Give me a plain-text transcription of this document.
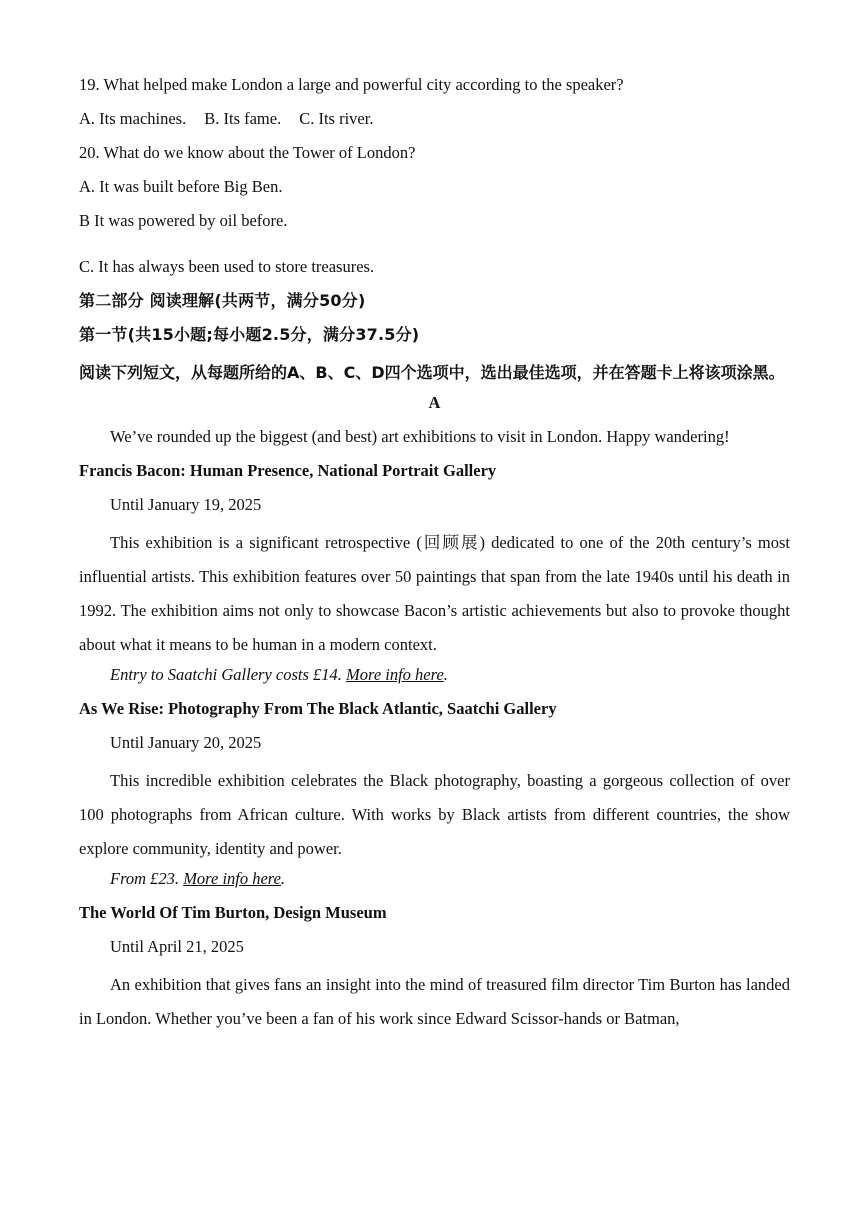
19. What helped make London a large and powerful city according to the speaker?

A. Its machines. B. Its fame. C. Its river.

20. What do we know about the Tower of London?

A. It was built before Big Ben.

B It was powered by oil before.

C. It has always been used to store treasures.

第二部分 阅读理解(共两节，满分50分)

第一节(共15小题;每小题2.5分，满分37.5分)

阅读下列短文，从每题所给的A、B、C、D四个选项中，选出最佳选项，并在答题卡上将该项涂黑。

A

We’ve rounded up the biggest (and best) art exhibitions to visit in London. Happy wandering!

Francis Bacon: Human Presence, National Portrait Gallery

Until January 19, 2025

This exhibition is a significant retrospective (回顾展) dedicated to one of the 20th century’s most influential artists. This exhibition features over 50 paintings that span from the late 1940s until his death in 1992. The exhibition aims not only to showcase Bacon’s artistic achievements but also to provoke thought about what it means to be human in a modern context.

Entry to Saatchi Gallery costs £14. More info here.

As We Rise: Photography From The Black Atlantic, Saatchi Gallery

Until January 20, 2025

This incredible exhibition celebrates the Black photography, boasting a gorgeous collection of over 100 photographs from African culture. With works by Black artists from different countries, the show explore community, identity and power.

From £23. More info here.

The World Of Tim Burton, Design Museum

Until April 21, 2025

An exhibition that gives fans an insight into the mind of treasured film director Tim Burton has landed in London. Whether you’ve been a fan of his work since Edward Scissor-hands or Batman,
